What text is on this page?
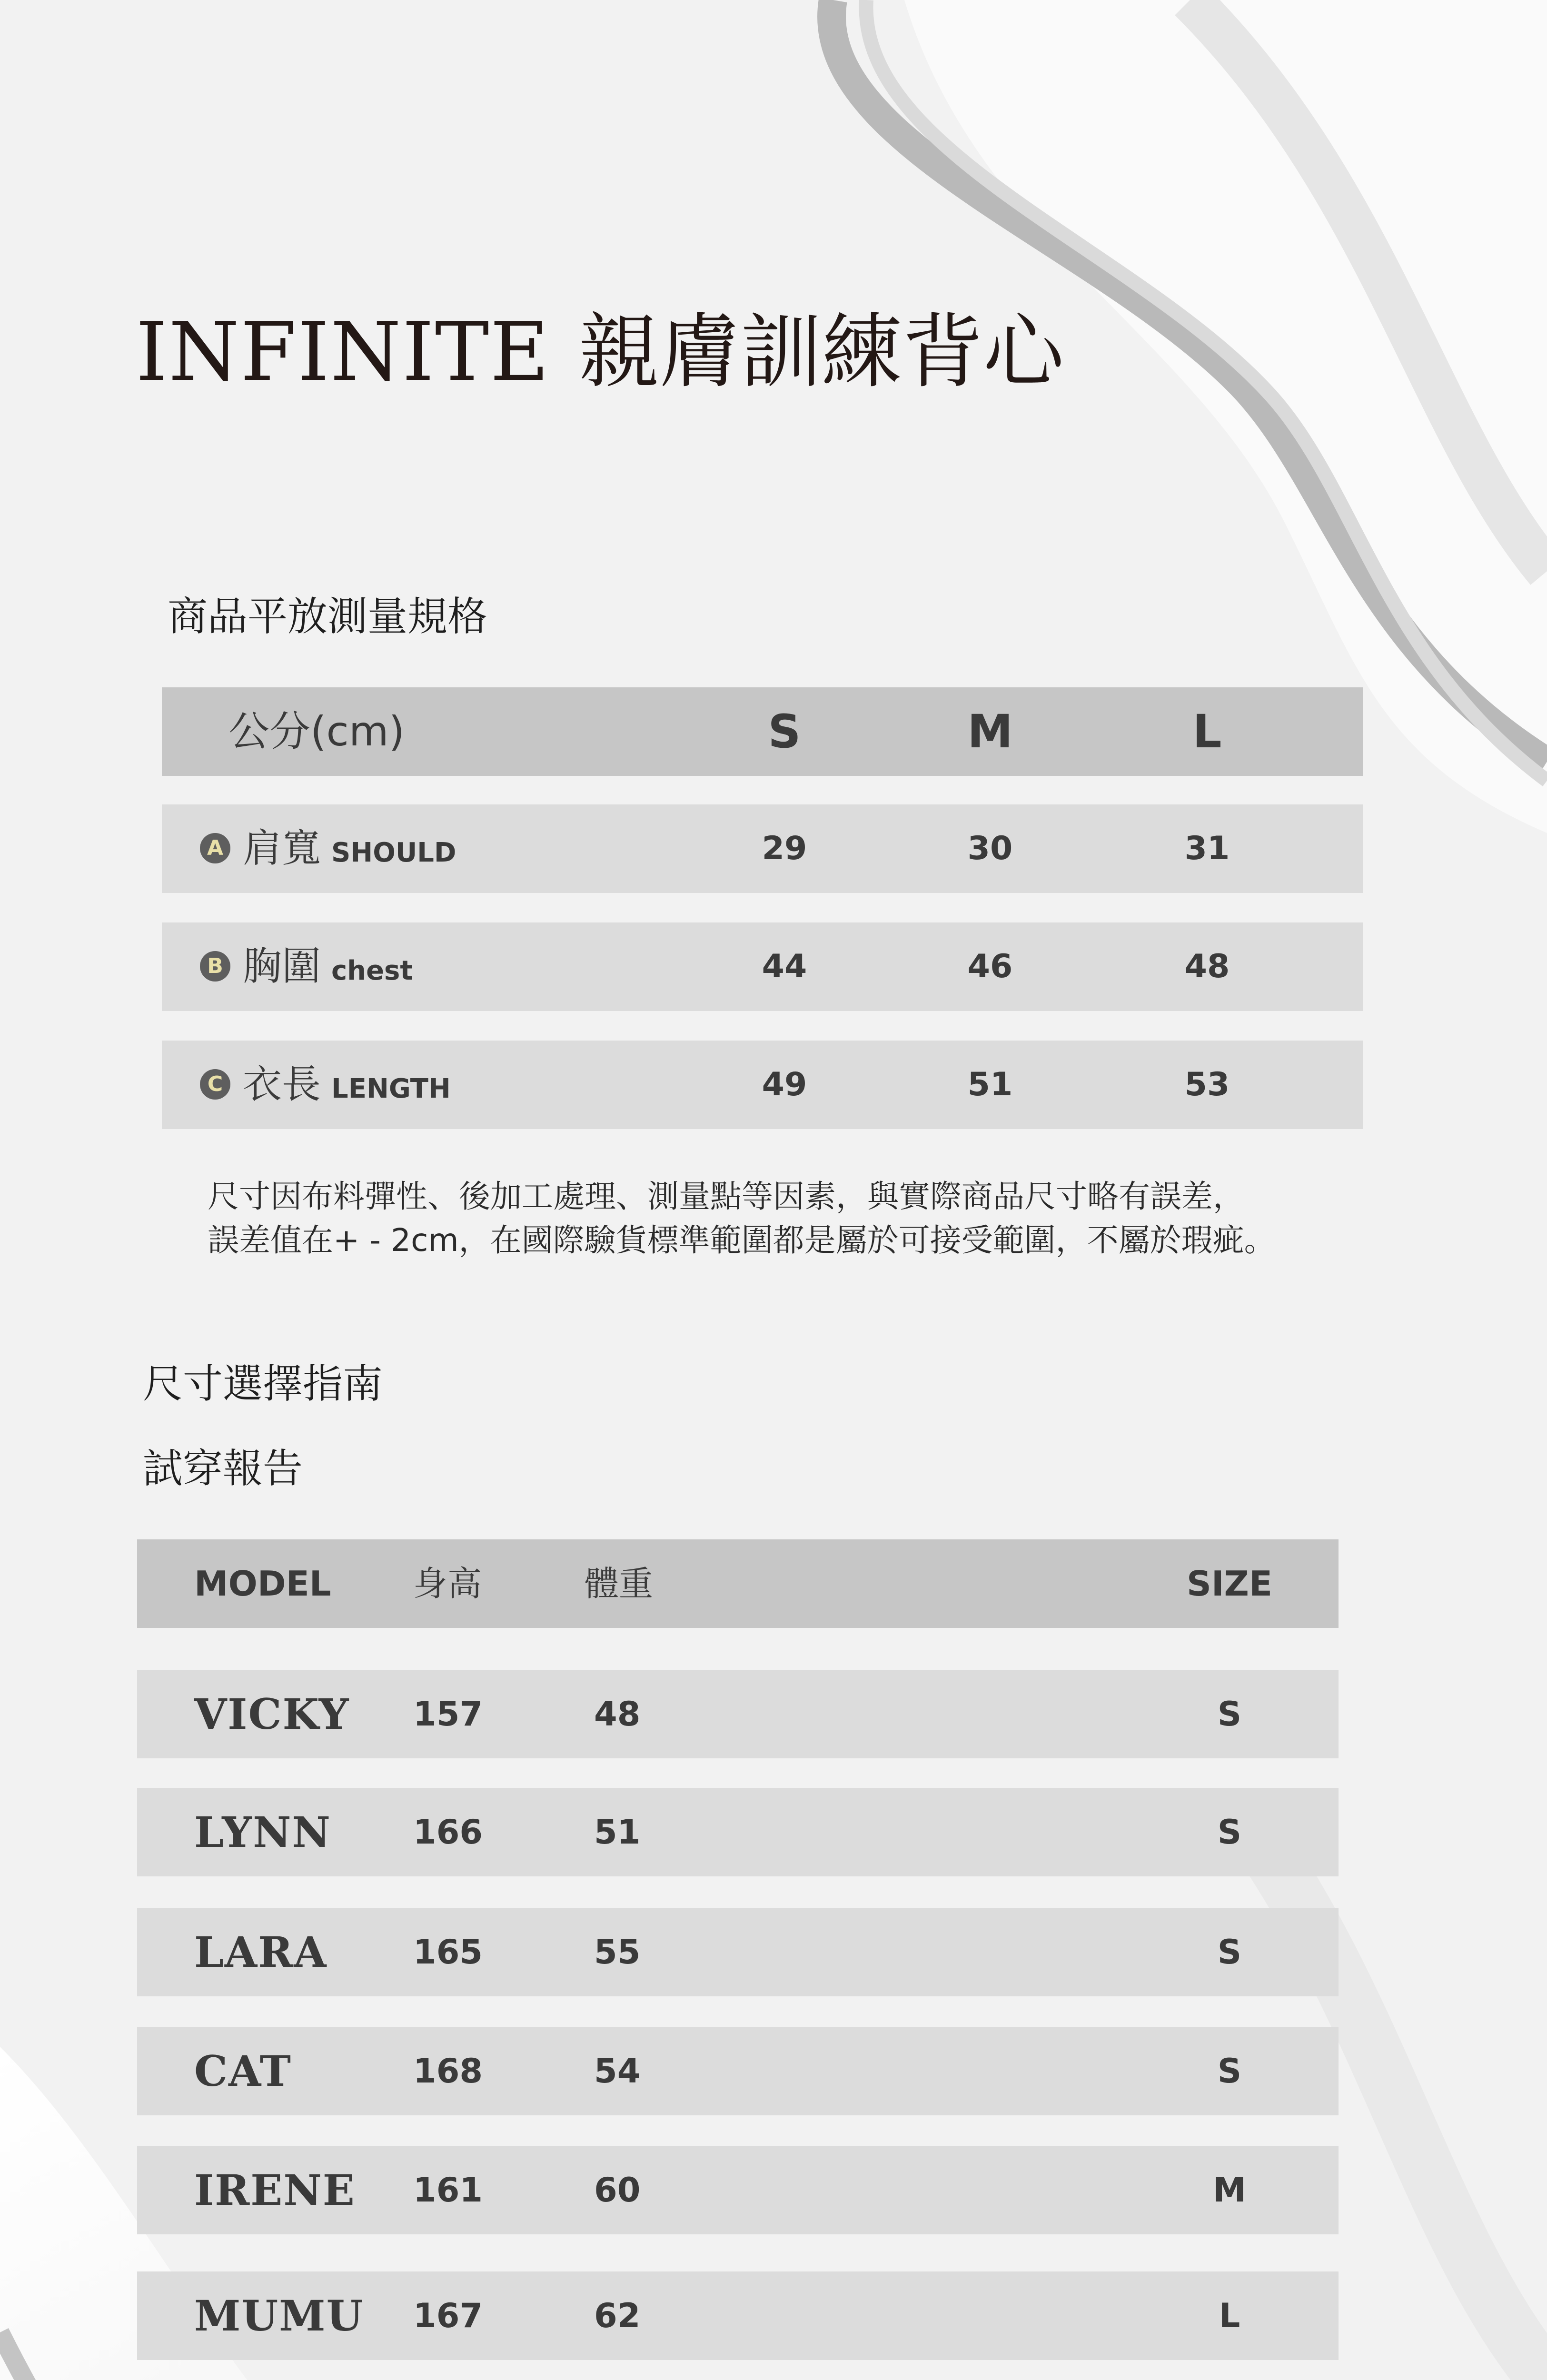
INFINITE 親膚訓練背心
商品平放測量規格
公分(cm)	S	M	L
A 肩寬 SHOULD	29	30	31
B 胸圍 chest	44	46	48
C 衣長 LENGTH	49	51	53
尺寸因布料彈性、後加工處理、測量點等因素，與實際商品尺寸略有誤差，
誤差值在+ - 2cm，在國際驗貨標準範圍都是屬於可接受範圍，不屬於瑕疵。
尺寸選擇指南
試穿報告
MODEL 身高	體重	SIZE
VICKY 157	48	S
LYNN 166	51	S
LARA	165	55	S
CAT	168	54	S
IRENE 161	60	M
MUMU 167	62	L
